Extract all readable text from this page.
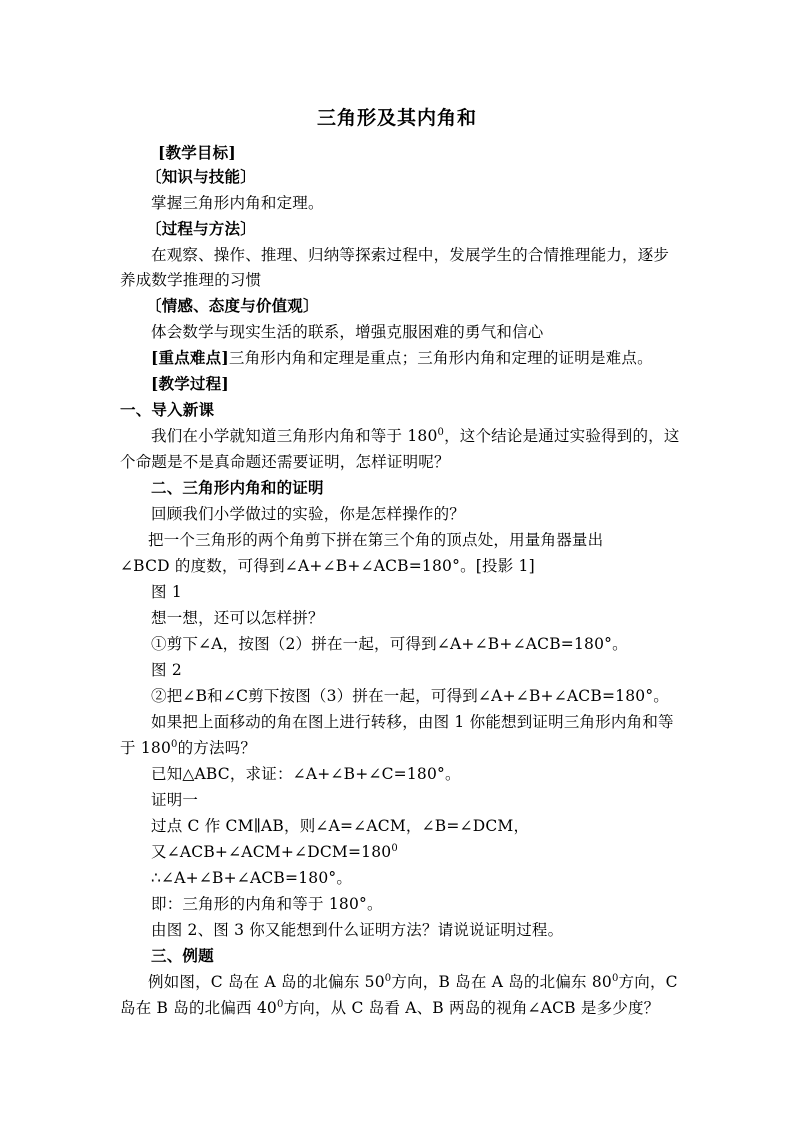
三角形及其内角和
[教学目标]
〔知识与技能〕
掌握三角形内角和定理。
〔过程与方法〕
在观察、操作、推理、归纳等探索过程中，发展学生的合情推理能力，逐步
养成数学推理的习惯
〔情感、态度与价值观〕
体会数学与现实生活的联系，增强克服困难的勇气和信心
[重点难点]三角形内角和定理是重点；三角形内角和定理的证明是难点。
[教学过程]
一、导入新课
我们在小学就知道三角形内角和等于 $180^0$，这个结论是通过实验得到的，这
个命题是不是真命题还需要证明，怎样证明呢？
二、三角形内角和的证明
回顾我们小学做过的实验，你是怎样操作的？
把一个三角形的两个角剪下拼在第三个角的顶点处，用量角器量出
∠BCD 的度数，可得到∠A+∠B+∠ACB=180°。[投影 1]
图 1
想一想，还可以怎样拼？
①剪下∠A，按图（2）拼在一起，可得到∠A+∠B+∠ACB=180°。
图 2
②把∠B和∠C剪下按图（3）拼在一起，可得到∠A+∠B+∠ACB=180°。
如果把上面移动的角在图上进行转移，由图 1 你能想到证明三角形内角和等
于 $180^0$的方法吗？
已知△ABC，求证：∠A+∠B+∠C=180°。
证明一
过点 C 作 CM∥AB，则∠A=∠ACM，∠B=∠DCM，
又$\angle ACB+\angle ACM+\angle DCM=180^0$
∴∠A+∠B+∠ACB=180°。
即：三角形的内角和等于 180°。
由图 2、图 3 你又能想到什么证明方法？请说说证明过程。
三、例题
例如图，C 岛在 A 岛的北偏东 $50^0$方向，B 岛在 A 岛的北偏东 $80^0$方向，C
岛在 B 岛的北偏西 $40^0$方向，从 C 岛看 A、B 两岛的视角∠ACB 是多少度？
